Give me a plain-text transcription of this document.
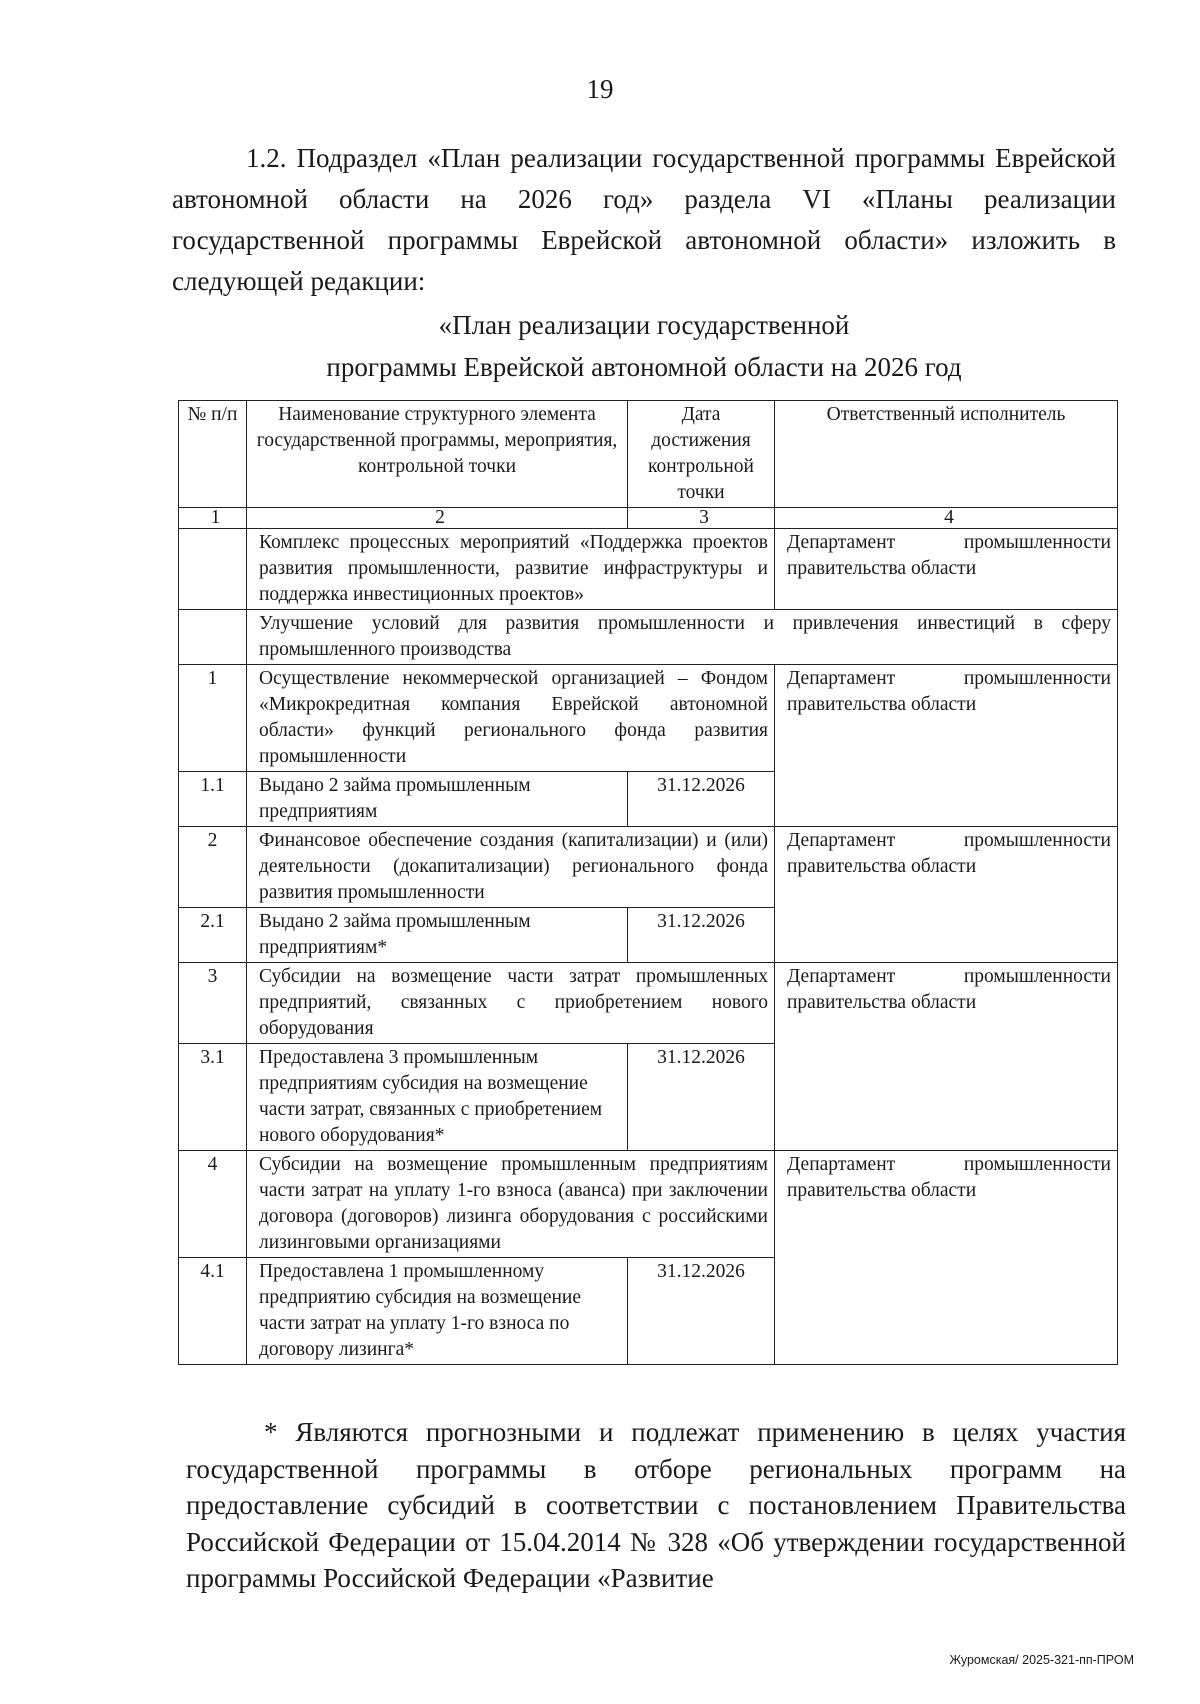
19

1.2. Подраздел «План реализации государственной программы Еврейской автономной области на 2026 год» раздела VI «Планы реализации государственной программы Еврейской автономной области» изложить в следующей редакции:

«План реализации государственной
программы Еврейской автономной области на 2026 год
№ п/п	Наименование структурного элемента государственной программы, мероприятия, контрольной точки	Дата достижения контрольной точки	Ответственный исполнитель
1	2	3	4
	Комплекс процессных мероприятий «Поддержка проектов развития промышленности, развитие инфраструктуры и поддержка инвестиционных проектов»		Департамент промышленности правительства области
	Улучшение условий для развития промышленности и привлечения инвестиций в сферу промышленного производства		
1	Осуществление некоммерческой организацией – Фондом «Микрокредитная компания Еврейской автономной области» функций регионального фонда развития промышленности		Департамент промышленности правительства области
1.1	Выдано 2 займа промышленным предприятиям	31.12.2026	
2	Финансовое обеспечение создания (капитализации) и (или) деятельности (докапитализации) регионального фонда развития промышленности		Департамент промышленности правительства области
2.1	Выдано 2 займа промышленным предприятиям*	31.12.2026	
3	Субсидии на возмещение части затрат промышленных предприятий, связанных с приобретением нового оборудования		Департамент промышленности правительства области
3.1	Предоставлена 3 промышленным предприятиям субсидия на возмещение части затрат, связанных с приобретением нового оборудования*	31.12.2026	
4	Субсидии на возмещение промышленным предприятиям части затрат на уплату 1-го взноса (аванса) при заключении договора (договоров) лизинга оборудования с российскими лизинговыми организациями		Департамент промышленности правительства области
4.1	Предоставлена 1 промышленному предприятию субсидия на возмещение части затрат на уплату 1-го взноса по договору лизинга*	31.12.2026	

* Являются прогнозными и подлежат применению в целях участия государственной программы в отборе региональных программ на предоставление субсидий в соответствии с постановлением Правительства Российской Федерации от 15.04.2014 № 328 «Об утверждении государственной программы Российской Федерации «Развитие

Журомская/ 2025-321-пп-ПРОМ
